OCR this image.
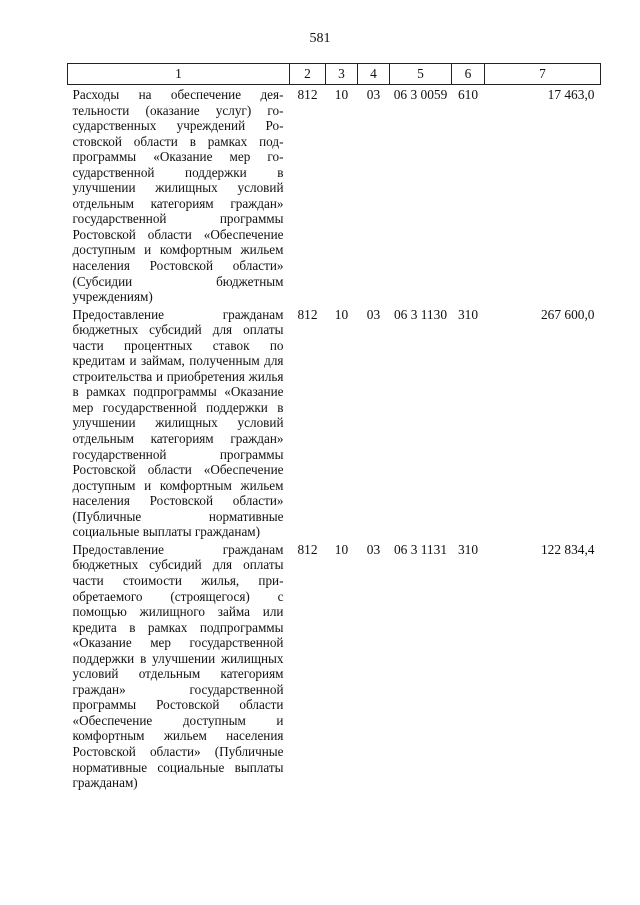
581
1	2	3	4	5	6	7
Расходы на обеспечение деятельности (оказание услуг) государственных учреждений Ростовской области в рамках подпрограммы «Оказание мер государственной поддержки в улучшении жилищных условий отдельным категориям граждан» государственной программы Ростовской области «Обеспечение доступным и комфортным жильем населения Ростовской области» (Субсидии бюджетным учреждениям)	812	10	03	06 3 0059	610	17 463,0
Предоставление гражданам бюджетных субсидий для оплаты части процентных ставок по кредитам и займам, полученным для строительства и приобретения жилья в рамках подпрограммы «Оказание мер государственной поддержки в улучшении жилищных условий отдельным категориям граждан» государственной программы Ростовской области «Обеспечение доступным и комфортным жильем населения Ростовской области» (Публичные нормативные социальные выплаты гражданам)	812	10	03	06 3 1130	310	267 600,0
Предоставление гражданам бюджетных субсидий для оплаты части стоимости жилья, приобретаемого (строящегося) с помощью жилищного займа или кредита в рамках подпрограммы «Оказание мер государственной поддержки в улучшении жилищных условий отдельным категориям граждан» государственной программы Ростовской области «Обеспечение доступным и комфортным жильем населения Ростовской области» (Публичные нормативные социальные выплаты гражданам)	812	10	03	06 3 1131	310	122 834,4
